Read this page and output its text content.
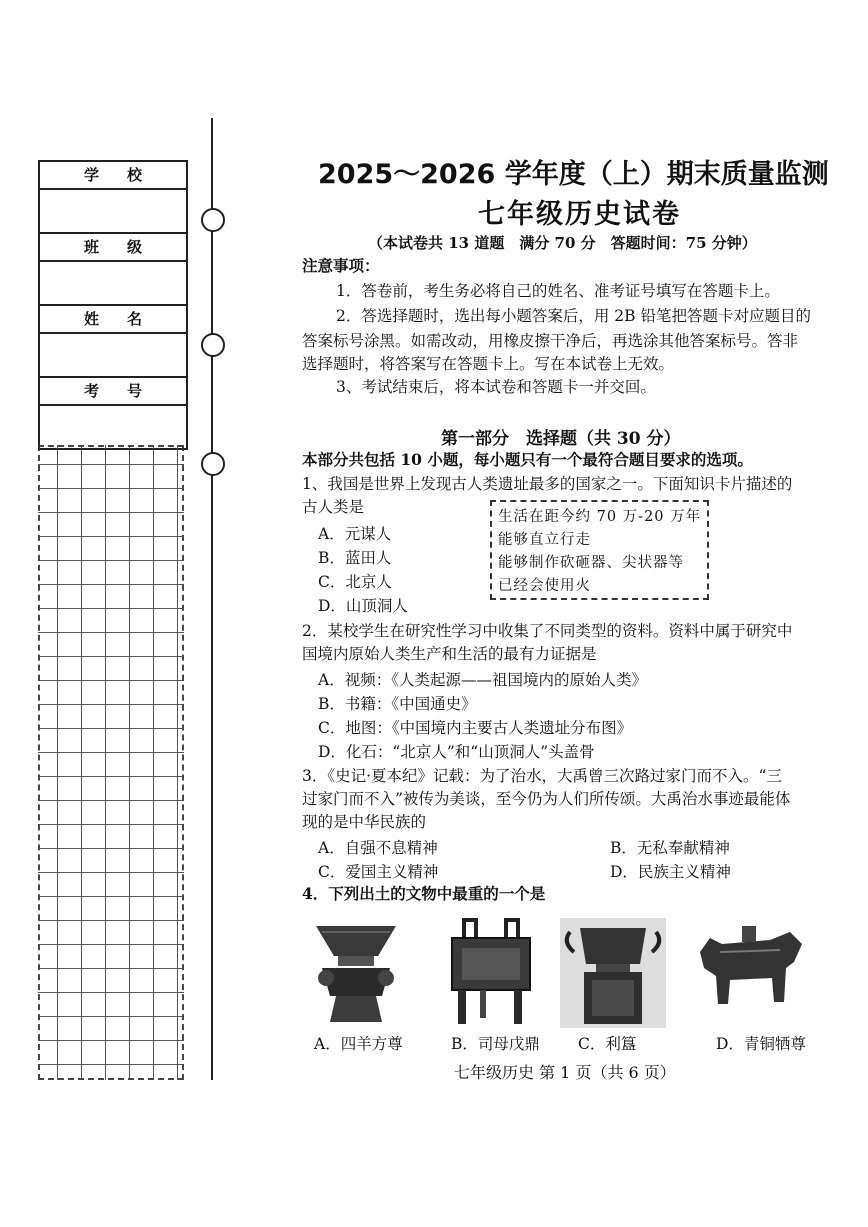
学校
班级
姓名
考号
2025～2026 学年度（上）期末质量监测
七年级历史试卷
（本试卷共 13 道题　满分 70 分　答题时间：75 分钟）
注意事项：
1．答卷前，考生务必将自己的姓名、准考证号填写在答题卡上。
2．答选择题时，选出每小题答案后，用 2B 铅笔把答题卡对应题目的
答案标号涂黑。如需改动，用橡皮擦干净后，再选涂其他答案标号。答非
选择题时，将答案写在答题卡上。写在本试卷上无效。
3、考试结束后，将本试卷和答题卡一并交回。
第一部分　选择题（共 30 分）
本部分共包括 10 小题，每小题只有一个最符合题目要求的选项。
1、我国是世界上发现古人类遗址最多的国家之一。下面知识卡片描述的
古人类是
A．元谋人
B．蓝田人
C．北京人
D．山顶洞人
生活在距今约 70 万-20 万年
能够直立行走
能够制作砍砸器、尖状器等
已经会使用火
2．某校学生在研究性学习中收集了不同类型的资料。资料中属于研究中
国境内原始人类生产和生活的最有力证据是
A．视频：《人类起源——祖国境内的原始人类》
B．书籍：《中国通史》
C．地图：《中国境内主要古人类遗址分布图》
D．化石：“北京人”和“山顶洞人”头盖骨
3．《史记·夏本纪》记载：为了治水，大禹曾三次路过家门而不入。“三
过家门而不入”被传为美谈，至今仍为人们所传颂。大禹治水事迹最能体
现的是中华民族的
A．自强不息精神	B．无私奉献精神
C．爱国主义精神	D．民族主义精神
4．下列出土的文物中最重的一个是
A．四羊方尊	B．司母戊鼎 C．利簋	D．青铜牺尊
七年级历史 第 1 页（共 6 页）
